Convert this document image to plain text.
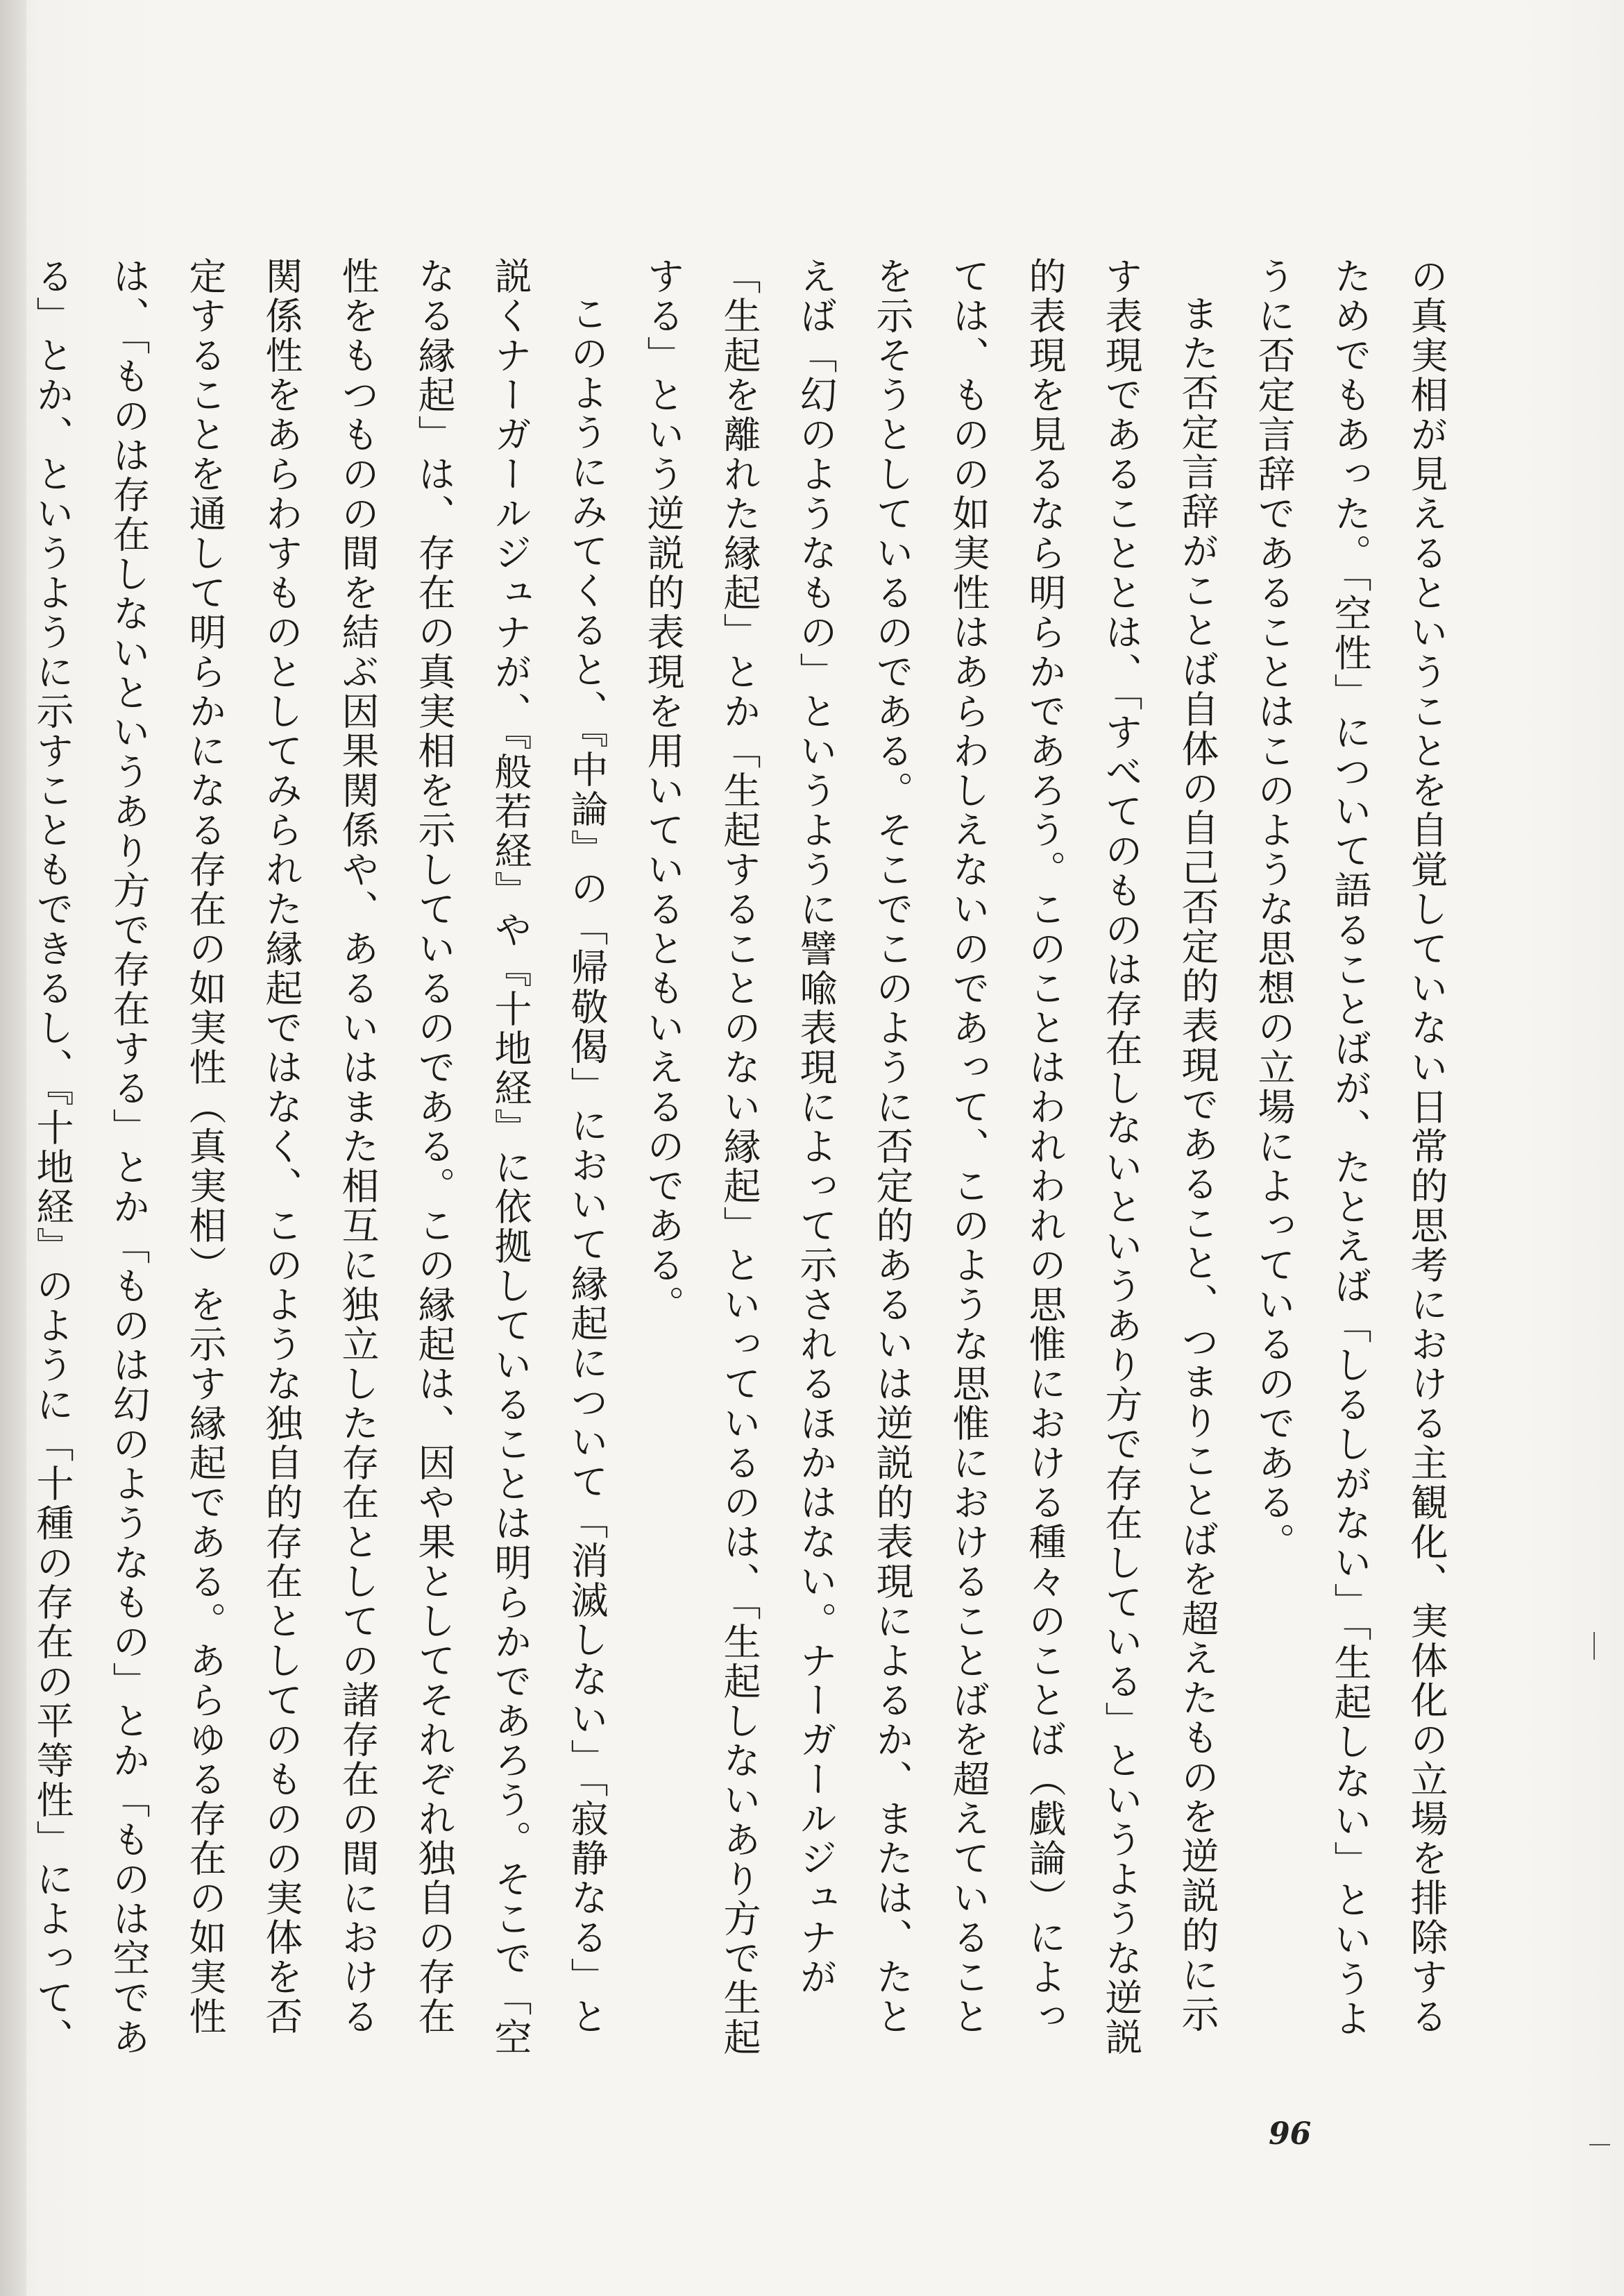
の真実相が見えるということを自覚していない日常的思考における主観化、実体化の立場を排除するためでもあった。「空性」について語ることばが、たとえば「しるしがない」「生起しない」というように否定言辞であることはこのような思想の立場によっているのである。

また否定言辞がことば自体の自己否定的表現であること、つまりことばを超えたものを逆説的に示す表現であることとは、「すべてのものは存在しないというあり方で存在している」というような逆説的表現を見るなら明らかであろう。このことはわれわれの思惟における種々のことば（戯論）によっては、ものの如実性はあらわしえないのであって、このような思惟におけることばを超えていることを示そうとしているのである。そこでこのように否定的あるいは逆説的表現によるか、または、たとえば「幻のようなもの」というように譬喩表現によって示されるほかはない。ナーガールジュナが「生起を離れた縁起」とか「生起することのない縁起」といっているのは、「生起しないあり方で生起する」という逆説的表現を用いているともいえるのである。

このようにみてくると、『中論』の「帰敬偈」において縁起について「消滅しない」「寂静なる」と説くナーガールジュナが、『般若経』や『十地経』に依拠していることは明らかであろう。そこで「空なる縁起」は、存在の真実相を示しているのである。この縁起は、因や果としてそれぞれ独自の存在性をもつものの間を結ぶ因果関係や、あるいはまた相互に独立した存在としての諸存在の間における関係性をあらわすものとしてみられた縁起ではなく、このような独自的存在としてのものの実体を否定することを通して明らかになる存在の如実性（真実相）を示す縁起である。あらゆる存在の如実性は、「ものは存在しないというあり方で存在する」とか「ものは幻のようなもの」とか「ものは空である」とか、というように示すこともできるし、『十地経』のように「十種の存在の平等性」によって、

96
